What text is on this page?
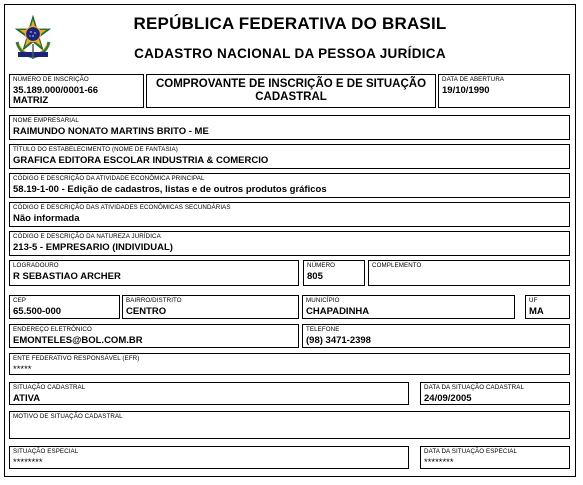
REPÚBLICA FEDERATIVA DO BRASIL
CADASTRO NACIONAL DA PESSOA JURÍDICA
NÚMERO DE INSCRIÇÃO
35.189.000/0001-66
MATRIZ
COMPROVANTE DE INSCRIÇÃO E DE SITUAÇÃO
CADASTRAL
DATA DE ABERTURA
19/10/1990
NOME EMPRESARIAL
RAIMUNDO NONATO MARTINS BRITO - ME
TÍTULO DO ESTABELECIMENTO (NOME DE FANTASIA)
GRAFICA EDITORA ESCOLAR INDUSTRIA & COMERCIO
CÓDIGO E DESCRIÇÃO DA ATIVIDADE ECONÔMICA PRINCIPAL
58.19-1-00 - Edição de cadastros, listas e de outros produtos gráficos
CÓDIGO E DESCRIÇÃO DAS ATIVIDADES ECONÔMICAS SECUNDÁRIAS
Não informada
CÓDIGO E DESCRIÇÃO DA NATUREZA JURÍDICA
213-5 - EMPRESARIO (INDIVIDUAL)
LOGRADOURO
R SEBASTIAO ARCHER
NÚMERO
805
COMPLEMENTO
CEP
65.500-000
BAIRRO/DISTRITO
CENTRO
MUNICÍPIO
CHAPADINHA
UF
MA
ENDEREÇO ELETRÔNICO
EMONTELES@BOL.COM.BR
TELEFONE
(98) 3471-2398
ENTE FEDERATIVO RESPONSÁVEL (EFR)
*****
SITUAÇÃO CADASTRAL
ATIVA
DATA DA SITUAÇÃO CADASTRAL
24/09/2005
MOTIVO DE SITUAÇÃO CADASTRAL
SITUAÇÃO ESPECIAL
********
DATA DA SITUAÇÃO ESPECIAL
********
